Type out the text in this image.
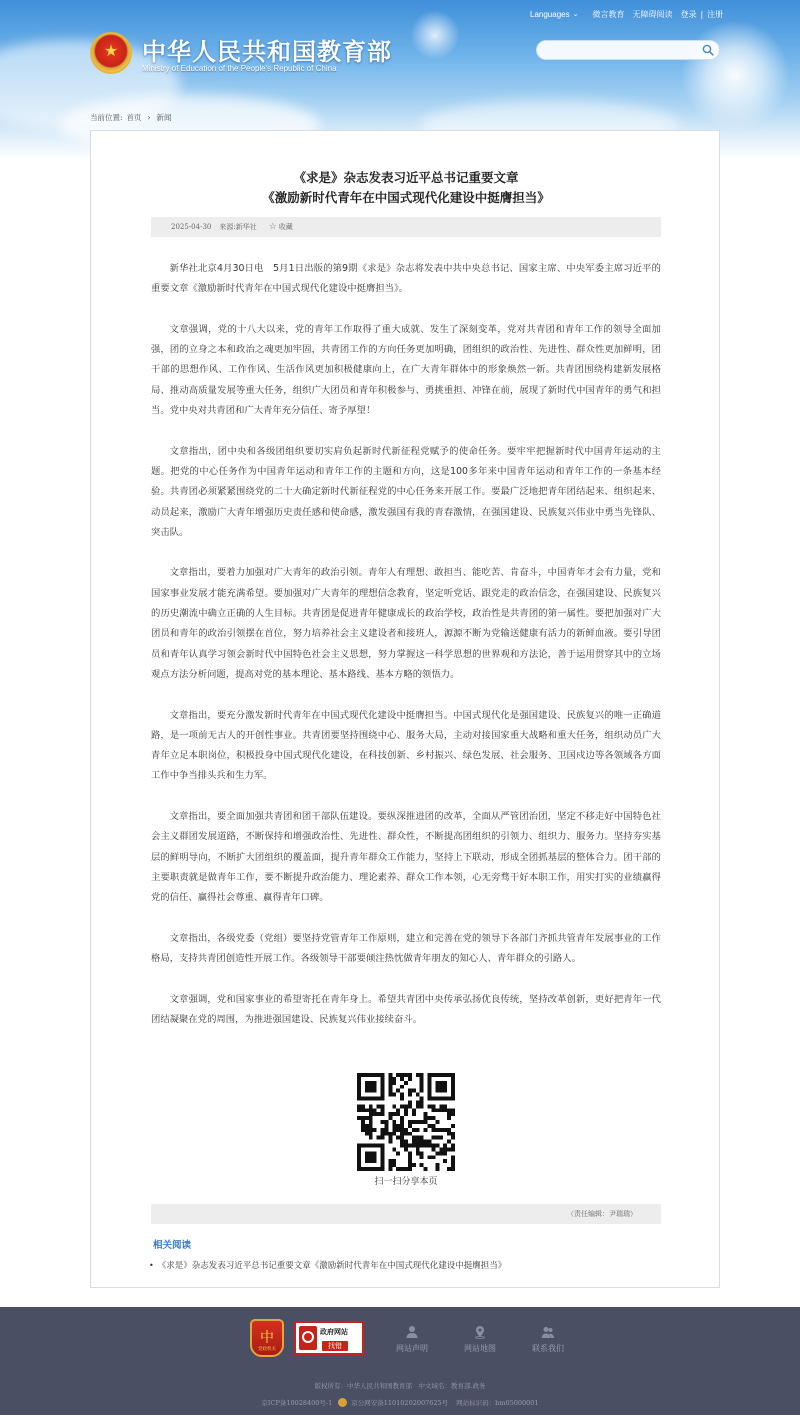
★ 中华人民共和国教育部
Ministry of Education of the People's Republic of China
Languages ⌄ 微言教育 无障碍阅读 登录 | 注册
当前位置: 首页 › 新闻
《求是》杂志发表习近平总书记重要文章
《激励新时代青年在中国式现代化建设中挺膺担当》
2025-04-30 来源:新华社 ☆ 收藏

新华社北京4月30日电　5月1日出版的第9期《求是》杂志将发表中共中央总书记、国家主席、中央军委主席习近平的重要文章《激励新时代青年在中国式现代化建设中挺膺担当》。

文章强调，党的十八大以来，党的青年工作取得了重大成就、发生了深刻变革，党对共青团和青年工作的领导全面加强，团的立身之本和政治之魂更加牢固，共青团工作的方向任务更加明确，团组织的政治性、先进性、群众性更加鲜明，团干部的思想作风、工作作风、生活作风更加积极健康向上，在广大青年群体中的形象焕然一新。共青团围绕构建新发展格局、推动高质量发展等重大任务，组织广大团员和青年积极参与、勇挑重担、冲锋在前，展现了新时代中国青年的勇气和担当。党中央对共青团和广大青年充分信任、寄予厚望！

文章指出，团中央和各级团组织要切实肩负起新时代新征程党赋予的使命任务。要牢牢把握新时代中国青年运动的主题。把党的中心任务作为中国青年运动和青年工作的主题和方向，这是100多年来中国青年运动和青年工作的一条基本经验。共青团必须紧紧围绕党的二十大确定新时代新征程党的中心任务来开展工作。要最广泛地把青年团结起来、组织起来、动员起来，激励广大青年增强历史责任感和使命感，激发强国有我的青春激情，在强国建设、民族复兴伟业中勇当先锋队、突击队。

文章指出，要着力加强对广大青年的政治引领。青年人有理想、敢担当、能吃苦、肯奋斗，中国青年才会有力量，党和国家事业发展才能充满希望。要加强对广大青年的理想信念教育，坚定听党话、跟党走的政治信念，在强国建设、民族复兴的历史潮流中确立正确的人生目标。共青团是促进青年健康成长的政治学校，政治性是共青团的第一属性。要把加强对广大团员和青年的政治引领摆在首位，努力培养社会主义建设者和接班人，源源不断为党输送健康有活力的新鲜血液。要引导团员和青年认真学习领会新时代中国特色社会主义思想，努力掌握这一科学思想的世界观和方法论，善于运用贯穿其中的立场观点方法分析问题，提高对党的基本理论、基本路线、基本方略的领悟力。

文章指出，要充分激发新时代青年在中国式现代化建设中挺膺担当。中国式现代化是强国建设、民族复兴的唯一正确道路，是一项前无古人的开创性事业。共青团要坚持围绕中心、服务大局，主动对接国家重大战略和重大任务，组织动员广大青年立足本职岗位，积极投身中国式现代化建设，在科技创新、乡村振兴、绿色发展、社会服务、卫国戍边等各领域各方面工作中争当排头兵和生力军。

文章指出，要全面加强共青团和团干部队伍建设。要纵深推进团的改革，全面从严管团治团，坚定不移走好中国特色社会主义群团发展道路，不断保持和增强政治性、先进性、群众性，不断提高团组织的引领力、组织力、服务力。坚持夯实基层的鲜明导向，不断扩大团组织的覆盖面，提升青年群众工作能力，坚持上下联动，形成全团抓基层的整体合力。团干部的主要职责就是做青年工作，要不断提升政治能力、理论素养、群众工作本领，心无旁骛干好本职工作，用实打实的业绩赢得党的信任、赢得社会尊重、赢得青年口碑。

文章指出，各级党委（党组）要坚持党管青年工作原则，建立和完善在党的领导下各部门齐抓共管青年发展事业的工作格局，支持共青团创造性开展工作。各级领导干部要倾注热忱做青年朋友的知心人、青年群众的引路人。

文章强调，党和国家事业的希望寄托在青年身上。希望共青团中央传承弘扬优良传统，坚持改革创新，更好把青年一代团结凝聚在党的周围，为推进强国建设、民族复兴伟业接续奋斗。

扫一扫分享本页
（责任编辑：尹瑞瑞）
相关阅读
• 《求是》杂志发表习近平总书记重要文章《激励新时代青年在中国式现代化建设中挺膺担当》
中
党政机关
政府网站
找错	网站声明	网站地图	联系我们
版权所有：中华人民共和国教育部　中文域名：教育部.政务
京ICP备10028400号-1	京公网安备11010202007625号 网站标识码：bm05000001
